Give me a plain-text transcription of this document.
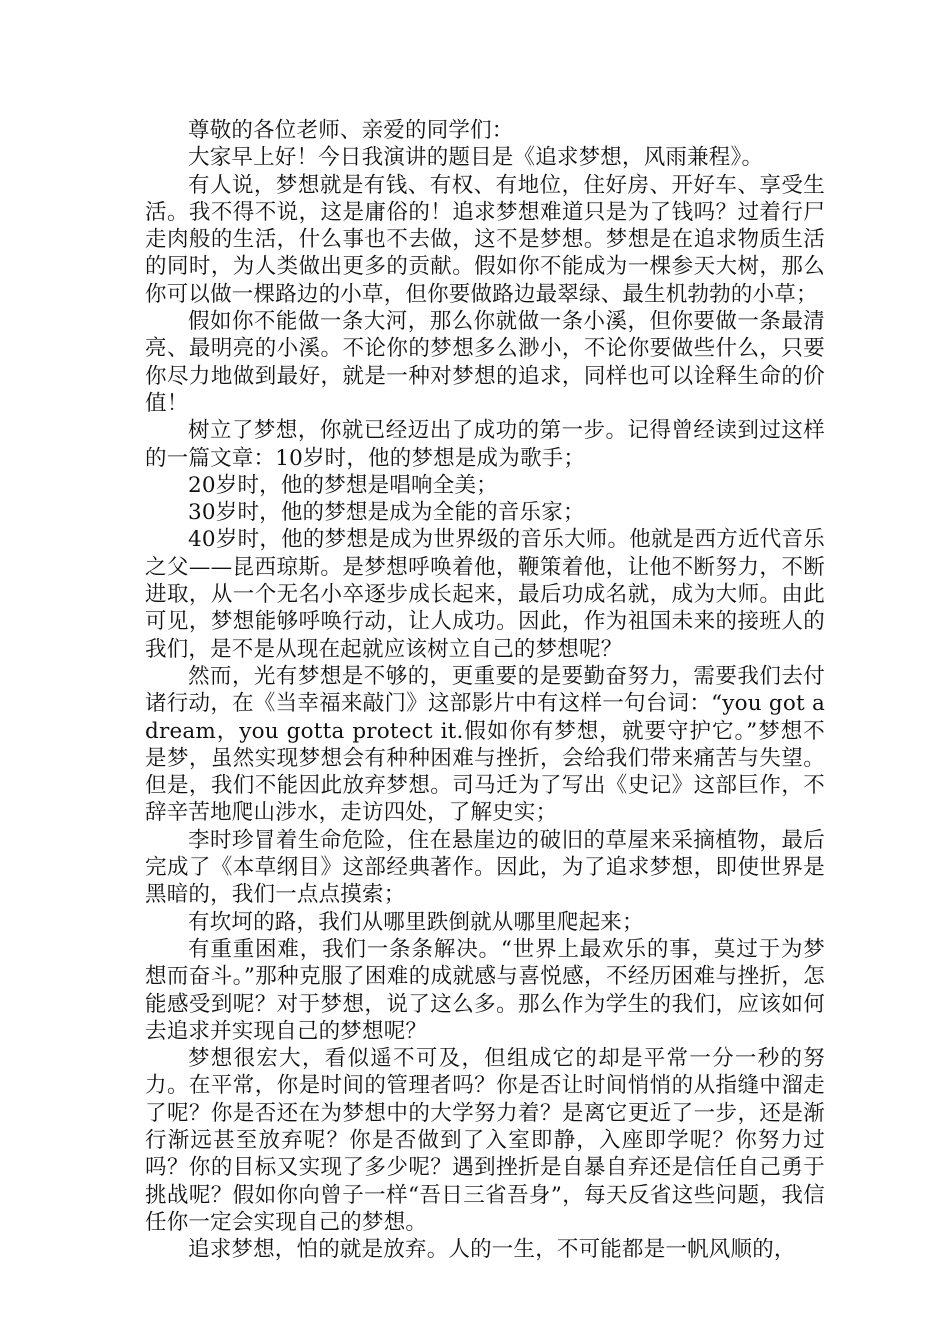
尊敬的各位老师、亲爱的同学们：

大家早上好！今日我演讲的题目是《追求梦想，风雨兼程》。

有人说，梦想就是有钱、有权、有地位，住好房、开好车、享受生活。我不得不说，这是庸俗的！追求梦想难道只是为了钱吗？过着行尸走肉般的生活，什么事也不去做，这不是梦想。梦想是在追求物质生活的同时，为人类做出更多的贡献。假如你不能成为一棵参天大树，那么你可以做一棵路边的小草，但你要做路边最翠绿、最生机勃勃的小草；

假如你不能做一条大河，那么你就做一条小溪，但你要做一条最清亮、最明亮的小溪。不论你的梦想多么渺小，不论你要做些什么，只要你尽力地做到最好，就是一种对梦想的追求，同样也可以诠释生命的价值！

树立了梦想，你就已经迈出了成功的第一步。记得曾经读到过这样的一篇文章：10岁时，他的梦想是成为歌手；

20岁时，他的梦想是唱响全美；

30岁时，他的梦想是成为全能的音乐家；

40岁时，他的梦想是成为世界级的音乐大师。他就是西方近代音乐之父——昆西琼斯。是梦想呼唤着他，鞭策着他，让他不断努力，不断进取，从一个无名小卒逐步成长起来，最后功成名就，成为大师。由此可见，梦想能够呼唤行动，让人成功。因此，作为祖国未来的接班人的我们，是不是从现在起就应该树立自己的梦想呢？

然而，光有梦想是不够的，更重要的是要勤奋努力，需要我们去付诸行动，在《当幸福来敲门》这部影片中有这样一句台词：“you got adream，you gotta protect it.假如你有梦想，就要守护它。”梦想不是梦，虽然实现梦想会有种种困难与挫折，会给我们带来痛苦与失望。但是，我们不能因此放弃梦想。司马迁为了写出《史记》这部巨作，不辞辛苦地爬山涉水，走访四处，了解史实；

李时珍冒着生命危险，住在悬崖边的破旧的草屋来采摘植物，最后完成了《本草纲目》这部经典著作。因此，为了追求梦想，即使世界是黑暗的，我们一点点摸索；

有坎坷的路，我们从哪里跌倒就从哪里爬起来；

有重重困难，我们一条条解决。“世界上最欢乐的事，莫过于为梦想而奋斗。”那种克服了困难的成就感与喜悦感，不经历困难与挫折，怎能感受到呢？对于梦想，说了这么多。那么作为学生的我们，应该如何去追求并实现自己的梦想呢？

梦想很宏大，看似遥不可及，但组成它的却是平常一分一秒的努力。在平常，你是时间的管理者吗？你是否让时间悄悄的从指缝中溜走了呢？你是否还在为梦想中的大学努力着？是离它更近了一步，还是渐行渐远甚至放弃呢？你是否做到了入室即静，入座即学呢？你努力过吗？你的目标又实现了多少呢？遇到挫折是自暴自弃还是信任自己勇于挑战呢？假如你向曾子一样“吾日三省吾身”，每天反省这些问题，我信任你一定会实现自己的梦想。

追求梦想，怕的就是放弃。人的一生，不可能都是一帆风顺的，
